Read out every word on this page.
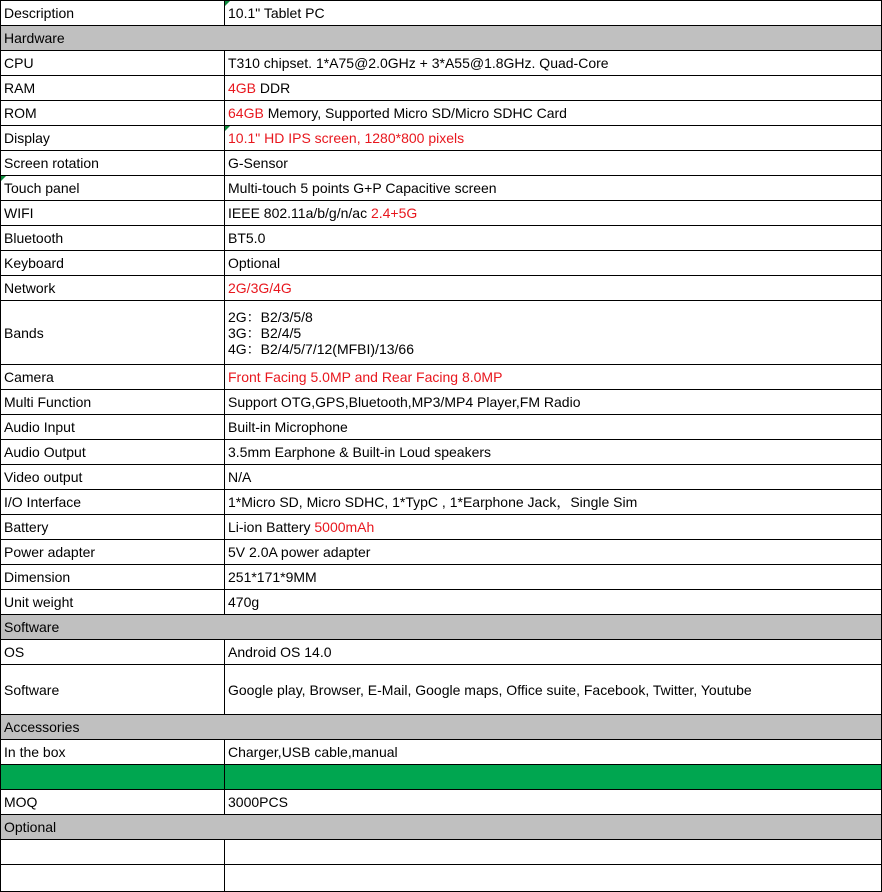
Description	10.1" Tablet PC
Hardware	
CPU	T310 chipset. 1*A75@2.0GHz + 3*A55@1.8GHz. Quad-Core
RAM	4GB DDR
ROM	64GB Memory, Supported Micro SD/Micro SDHC Card
Display	10.1" HD IPS screen, 1280*800 pixels
Screen rotation	G-Sensor
Touch panel	Multi-touch 5 points G+P Capacitive screen
WIFI	IEEE 802.11a/b/g/n/ac 2.4+5G
Bluetooth	BT5.0
Keyboard	Optional
Network	2G/3G/4G
Bands	2G：B2/3/5/8
3G：B2/4/5
4G：B2/4/5/7/12(MFBI)/13/66

Camera	Front Facing 5.0MP and Rear Facing 8.0MP
Multi Function	Support OTG,GPS,Bluetooth,MP3/MP4 Player,FM Radio
Audio Input	Built-in Microphone
Audio Output	3.5mm Earphone & Built-in Loud speakers
Video output	N/A
I/O Interface	1*Micro SD, Micro SDHC, 1*TypC , 1*Earphone Jack，Single Sim
Battery	Li-ion Battery 5000mAh
Power adapter	5V 2.0A power adapter
Dimension	251*171*9MM
Unit weight	470g
Software	
OS	Android OS 14.0
Software	Google play, Browser, E-Mail, Google maps, Office suite, Facebook, Twitter, Youtube
Accessories	
In the box	Charger,USB cable,manual

MOQ	3000PCS
Optional	
